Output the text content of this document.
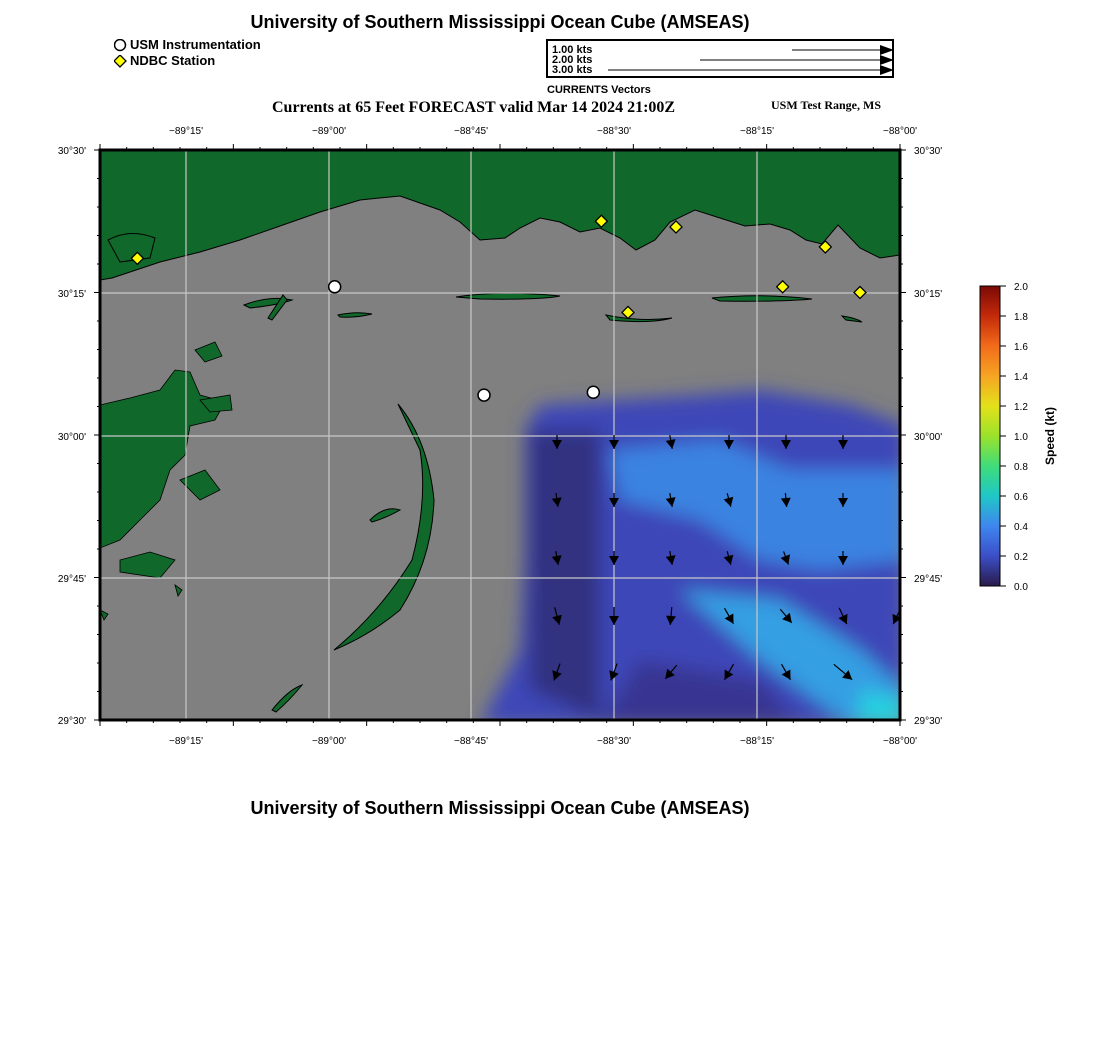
University of Southern Mississippi Ocean Cube (AMSEAS)
USM Instrumentation
NDBC Station
1.00 kts
2.00 kts
3.00 kts
CURRENTS Vectors
Currents at 65 Feet FORECAST valid Mar 14 2024 21:00Z	USM Test Range, MS
−89°15'	−89°00'	−88°45'	−88°30'	−88°15'	−88°00'
−89°15'	−89°00'	−88°45'	−88°30'	−88°15'	−88°00'
30°30'
30°15'
30°00'
29°45'
29°30'
30°30'
30°15'
30°00'
29°45'
29°30'
2.0
1.8
1.6
1.4
1.2
1.0
0.8
0.6
0.4
0.2
0.0
Speed (kt)
University of Southern Mississippi Ocean Cube (AMSEAS)
